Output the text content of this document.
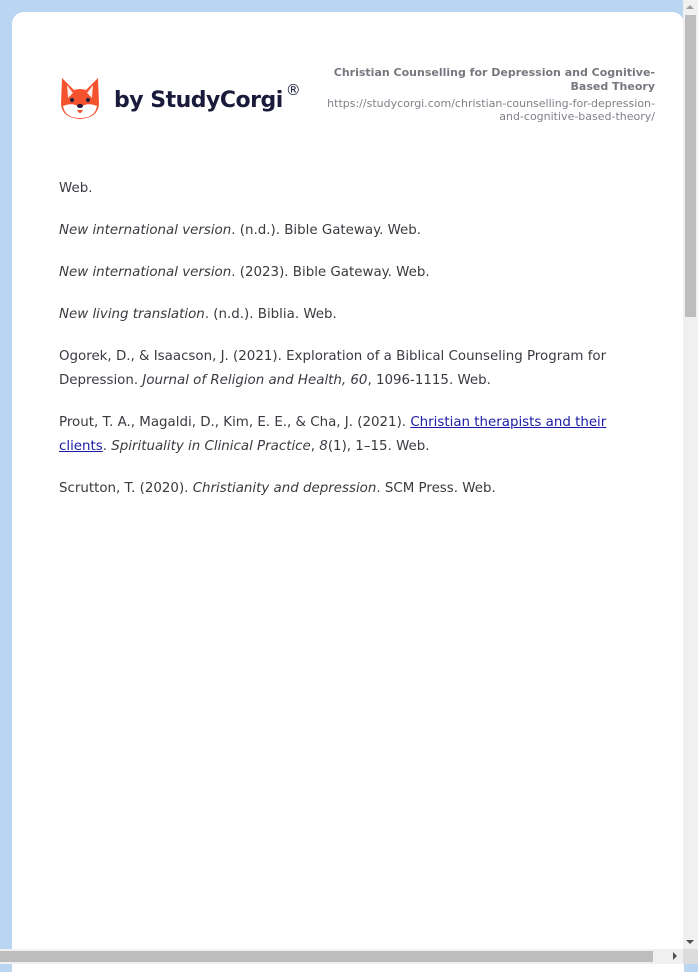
by StudyCorgi ®
Christian Counselling for Depression and Cognitive-Based Theory
https://studycorgi.com/christian-counselling-for-depression-and-cognitive-based-theory/

Web.

New international version. (n.d.). Bible Gateway. Web.

New international version. (2023). Bible Gateway. Web.

New living translation. (n.d.). Biblia. Web.

Ogorek, D., & Isaacson, J. (2021). Exploration of a Biblical Counseling Program for Depression. Journal of Religion and Health, 60, 1096-1115. Web.

Prout, T. A., Magaldi, D., Kim, E. E., & Cha, J. (2021). Christian therapists and their clients. Spirituality in Clinical Practice, 8(1), 1–15. Web.

Scrutton, T. (2020). Christianity and depression. SCM Press. Web.
